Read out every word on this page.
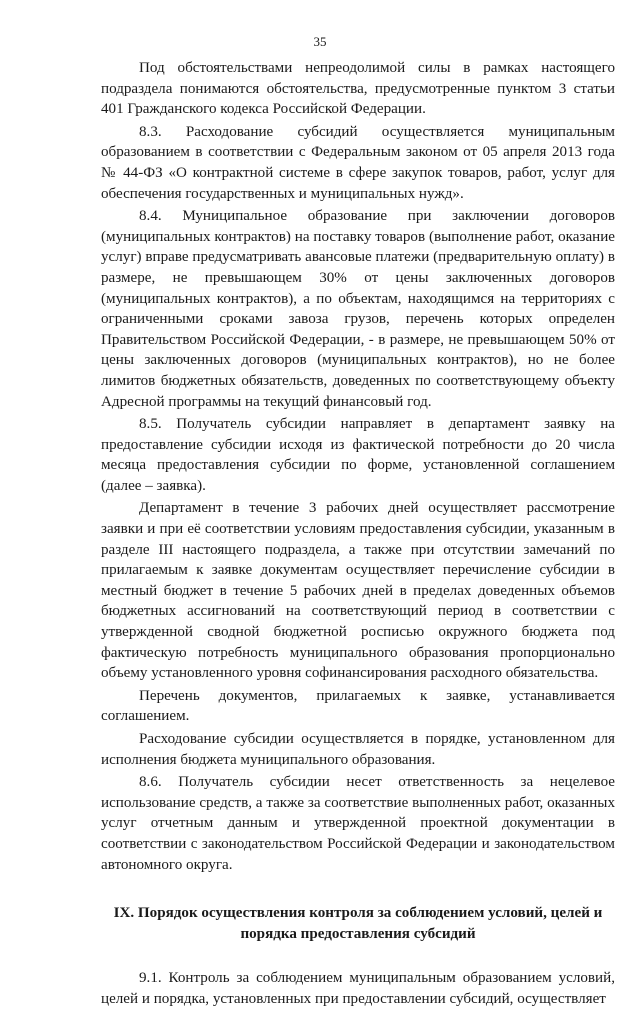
35

Под обстоятельствами непреодолимой силы в рамках настоящего подраздела понимаются обстоятельства, предусмотренные пунктом 3 статьи 401 Гражданского кодекса Российской Федерации.

8.3. Расходование субсидий осуществляется муниципальным образованием в соответствии с Федеральным законом от 05 апреля 2013 года № 44-ФЗ «О контрактной системе в сфере закупок товаров, работ, услуг для обеспечения государственных и муниципальных нужд».

8.4. Муниципальное образование при заключении договоров (муниципальных контрактов) на поставку товаров (выполнение работ, оказание услуг) вправе предусматривать авансовые платежи (предварительную оплату) в размере, не превышающем 30% от цены заключенных договоров (муниципальных контрактов), а по объектам, находящимся на территориях с ограниченными сроками завоза грузов, перечень которых определен Правительством Российской Федерации, - в размере, не превышающем 50% от цены заключенных договоров (муниципальных контрактов), но не более лимитов бюджетных обязательств, доведенных по соответствующему объекту Адресной программы на текущий финансовый год.

8.5. Получатель субсидии направляет в департамент заявку на предоставление субсидии исходя из фактической потребности до 20 числа месяца предоставления субсидии по форме, установленной соглашением (далее – заявка).

Департамент в течение 3 рабочих дней осуществляет рассмотрение заявки и при её соответствии условиям предоставления субсидии, указанным в разделе III настоящего подраздела, а также при отсутствии замечаний по прилагаемым к заявке документам осуществляет перечисление субсидии в местный бюджет в течение 5 рабочих дней в пределах доведенных объемов бюджетных ассигнований на соответствующий период в соответствии с утвержденной сводной бюджетной росписью окружного бюджета под фактическую потребность муниципального образования пропорционально объему установленного уровня софинансирования расходного обязательства.

Перечень документов, прилагаемых к заявке, устанавливается соглашением.

Расходование субсидии осуществляется в порядке, установленном для исполнения бюджета муниципального образования.

8.6. Получатель субсидии несет ответственность за нецелевое использование средств, а также за соответствие выполненных работ, оказанных услуг отчетным данным и утвержденной проектной документации в соответствии с законодательством Российской Федерации и законодательством автономного округа.

IX. Порядок осуществления контроля за соблюдением условий, целей и порядка предоставления субсидий

9.1. Контроль за соблюдением муниципальным образованием условий, целей и порядка, установленных при предоставлении субсидий, осуществляет
